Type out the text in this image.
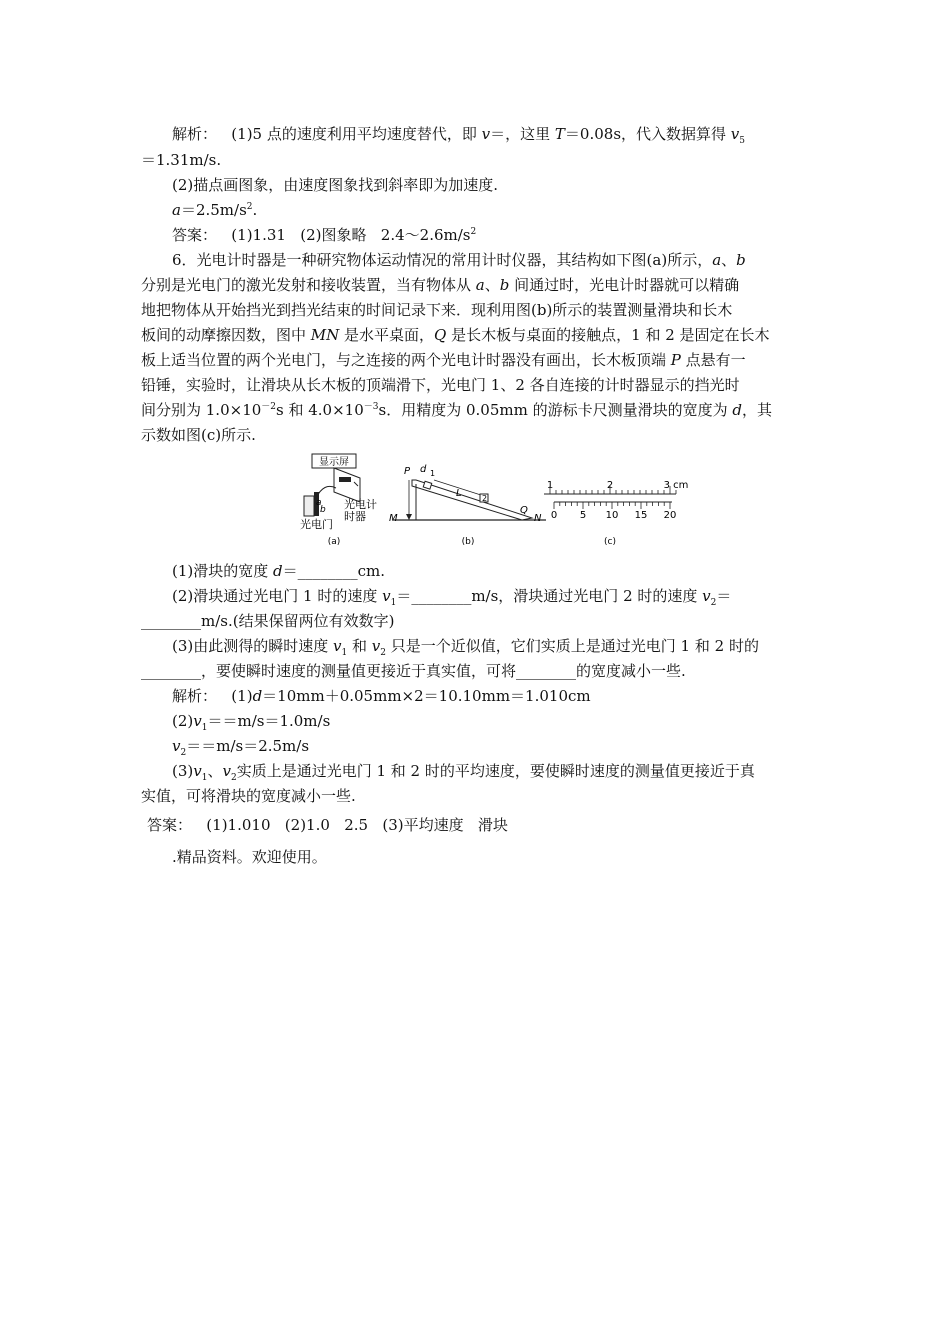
解析：   (1)5 点的速度利用平均速度替代，即 v＝，这里 T＝0.08s，代入数据算得 $v_5$
＝1.31m/s.
(2)描点画图象，由速度图象找到斜率即为加速度.
$a=2.5m/s^2$.
答案：   (1)1.31   (2)图象略   $2.4\sim 2.6m/s^2$
6．光电计时器是一种研究物体运动情况的常用计时仪器，其结构如下图(a)所示，a、b
分别是光电门的激光发射和接收装置，当有物体从 a、b 间通过时，光电计时器就可以精确
地把物体从开始挡光到挡光结束的时间记录下来．现利用图(b)所示的装置测量滑块和长木
板间的动摩擦因数，图中 MN 是水平桌面，Q 是长木板与桌面的接触点，1 和 2 是固定在长木
板上适当位置的两个光电门，与之连接的两个光电计时器没有画出，长木板顶端 P 点悬有一
铅锤，实验时，让滑块从长木板的顶端滑下，光电门 1、2 各自连接的计时器显示的挡光时
间分别为 $1.0\times 10^{-2}s$ 和 $4.0\times 10^{-3}s$．用精度为 0.05mm 的游标卡尺测量滑块的宽度为 d，其
示数如图(c)所示.
显示屏
a
b 光电计
时器
光电门
(a)
P d
L
1
2
M
Q
N
(b)
1	2	3 cm
0 5 10 15 20
(c)
(1)滑块的宽度 d＝________cm.
(2)滑块通过光电门 1 时的速度 $v_1=\_\_\_\_\_\_\_\_m/s$，滑块通过光电门 2 时的速度 $v_2=$
________m/s.(结果保留两位有效数字)
(3)由此测得的瞬时速度 $v_1$ 和 $v_2$ 只是一个近似值，它们实质上是通过光电门 1 和 2 时的
________，要使瞬时速度的测量值更接近于真实值，可将________的宽度减小一些.
解析：   (1)d＝10mm＋0.05mm×2＝10.10mm＝1.010cm
$(2)v_1==m/s=1.0m/s$
$v_2==m/s=2.5m/s$
$(3)v_1$、$v_2$实质上是通过光电门 1 和 2 时的平均速度，要使瞬时速度的测量值更接近于真
实值，可将滑块的宽度减小一些.
答案：   (1)1.010   (2)1.0   2.5   (3)平均速度   滑块
.精品资料。欢迎使用。
